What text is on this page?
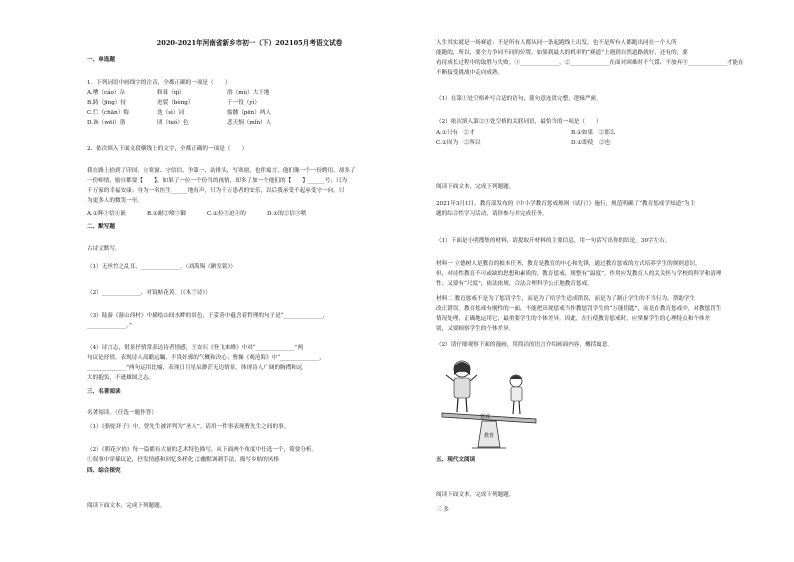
2020-2021年河南省新乡市初一（下）202105月考语文试卷
一、单选题
1．下列词语中画线字的注音，全都正确的一项是（　　）
A.嘈（cáo）杂	修葺（qì）	浴（mù）大千地
B.踌（jīng）持	迸裂（bèng）	于一役（yì）
C.伫（chān）悔	迭（sì）词	骷髅（pēn）两人
D.诙（wēi）谐	团（tuó）色	悲天悯（mǐn）人
2．依次填入下面文段横线上的文字，全都正确的一项是（　　）
我在路上拾到了印国，立寒窗、守信信、争第一、站排头，写寒窗，也伴寓言，他们像一个一份聘用，却多了
一份师情，励自都要【　　】，如果了一位一个份当的孩情，却多了加一个他们的【　　】______号，只为
千万家的幸福安康；身为一名医生______地有声，只为千万患者的安乐，以后我承受不起承受守一向，只
为更多人的微笑一至。
A.①辉③信④嵌	B.①耐②喷⑤御	C.①拉③迫④的	D.①的②信③喷
二、默写题
古诗文默写。
（1）无丝竹之乱耳，______________。（刘禹锡《陋室铭》）
（2）______________，对镜帖花黄。（《木兰诗》）
（3）陆游《游山西村》中描绘山间水畔的景色，于妥善中蕴含着哲理的句子是“______________，
______________。”
（4）诗言志，借景抒情常表达诗者情感，王安石《登飞来峰》中对“______________”两
句议论抒情，表现诗人高瞻远瞩、不畏奸邪的气概和决心；曹操《观沧海》中“______________，
______________”两句运用比喻，表现日月星辰渺茫无边情景，体现诗人广阔的胸襟和远
大的抱负，不逊雄图之志。
三、名著阅读
名著阅读。（任选一题作答）
（1）《骆驼祥子》中，曾先生被评判为“圣人”。请用一件事表现曹先生之间的事。
（2）《朝花夕拾》每一篇都有大量的艺术特色描写，从下面两个角度中任选一个，简要分析。
①叙事中穿插议论，抒发情感和回忆多样化 ②幽默讽刺手法，描写乡贴的风格
四、综合探究
阅读下面文本，完成下列题题。
人生其实就是一场赛道：不是所有人都从同一条起跑线上出发，也不是所有人都跑出同在一个人所
能跑的，所以，要全力争同不同的位置，如果到最大的机率的“赛道”上遇到自然道路就好，还有的，要
看待成长过程中的取胜与失败。①______________，②______________在面对困难时不气馁、不放弃③______________才能在
不断接受挑战中走向成熟。
（1）在第①处空格补写合适的语句，使句意连贯完整，逻辑严密。
（2）依次填入第②③处空格的关联词语，最恰当的一项是（　　）
A.①只有　②才	B.①如果　②那么
C.①因为　②所以	D.①即使　②也
阅读下面文本，完成下列题题。
2021年3月1日，教育部发布的《中小学教育惩戒规则（试行）》施行，规范明确了“教育惩戒学知道”为主
题的综合性学习活动，请你参与并完成任务。
（1）下面是小明搜集的材料，请提取开材料的主要信息，用一句话写出你的结论。30字左右。
材料一 立德树人是教育的根本任务，教育是教育的中心和先锋，通过教育惩戒的方式培养学生的规则意识，
但，对待性教育不可或缺的思想和素质的，教育惩戒，规整有“温度”，作用应发教育人的关关怀与学校的科学和清理
性；又要有“尺度”，依法依规，合法合理科学公正地教育惩戒。
材料二 教育惩戒不是为了惩罚学生，而是为了给学生适成错误，而是为了制止学生的不当行为，帮助学生
改正错误。教育惩戒有刚性的一面，不能把出现惩戒当作教惩罚学生的“万能钥匙”，而是在教育惩戒中，对教惩罚生
情况处理，正确地运用它，最重要学生的个体差异。因此，在行使教育惩戒时，应掌握学生的心理特点和个体差
别，又要顾察学生的个体差异。
（2）请仔细观察下面的漫画，用简洁的语言介绍画面内容，概括寓意。
惩戒
教育
五、现代文阅读
阅读下面文本，完成下列题题。
三 多
